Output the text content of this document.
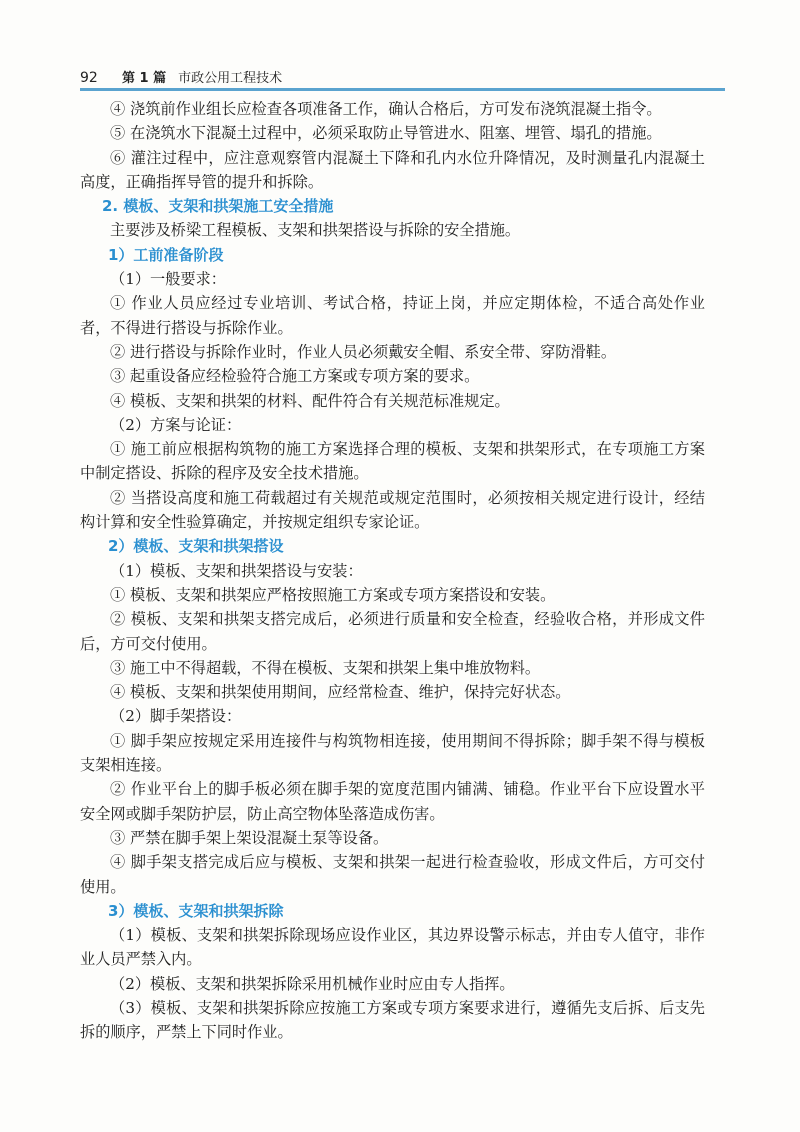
92	第 1 篇 市政公用工程技术

④ 浇筑前作业组长应检查各项准备工作，确认合格后，方可发布浇筑混凝土指令。

⑤ 在浇筑水下混凝土过程中，必须采取防止导管进水、阻塞、埋管、塌孔的措施。

⑥ 灌注过程中，应注意观察管内混凝土下降和孔内水位升降情况，及时测量孔内混凝土高度，正确指挥导管的提升和拆除。

2. 模板、支架和拱架施工安全措施

主要涉及桥梁工程模板、支架和拱架搭设与拆除的安全措施。

1）工前准备阶段

（1）一般要求：

① 作业人员应经过专业培训、考试合格，持证上岗，并应定期体检，不适合高处作业者，不得进行搭设与拆除作业。

② 进行搭设与拆除作业时，作业人员必须戴安全帽、系安全带、穿防滑鞋。

③ 起重设备应经检验符合施工方案或专项方案的要求。

④ 模板、支架和拱架的材料、配件符合有关规范标准规定。

（2）方案与论证：

① 施工前应根据构筑物的施工方案选择合理的模板、支架和拱架形式，在专项施工方案中制定搭设、拆除的程序及安全技术措施。

② 当搭设高度和施工荷载超过有关规范或规定范围时，必须按相关规定进行设计，经结构计算和安全性验算确定，并按规定组织专家论证。

2）模板、支架和拱架搭设

（1）模板、支架和拱架搭设与安装：

① 模板、支架和拱架应严格按照施工方案或专项方案搭设和安装。

② 模板、支架和拱架支搭完成后，必须进行质量和安全检查，经验收合格，并形成文件后，方可交付使用。

③ 施工中不得超载，不得在模板、支架和拱架上集中堆放物料。

④ 模板、支架和拱架使用期间，应经常检查、维护，保持完好状态。

（2）脚手架搭设：

① 脚手架应按规定采用连接件与构筑物相连接，使用期间不得拆除；脚手架不得与模板支架相连接。

② 作业平台上的脚手板必须在脚手架的宽度范围内铺满、铺稳。作业平台下应设置水平安全网或脚手架防护层，防止高空物体坠落造成伤害。

③ 严禁在脚手架上架设混凝土泵等设备。

④ 脚手架支搭完成后应与模板、支架和拱架一起进行检查验收，形成文件后，方可交付使用。

3）模板、支架和拱架拆除

（1）模板、支架和拱架拆除现场应设作业区，其边界设警示标志，并由专人值守，非作业人员严禁入内。

（2）模板、支架和拱架拆除采用机械作业时应由专人指挥。

（3）模板、支架和拱架拆除应按施工方案或专项方案要求进行，遵循先支后拆、后支先拆的顺序，严禁上下同时作业。
